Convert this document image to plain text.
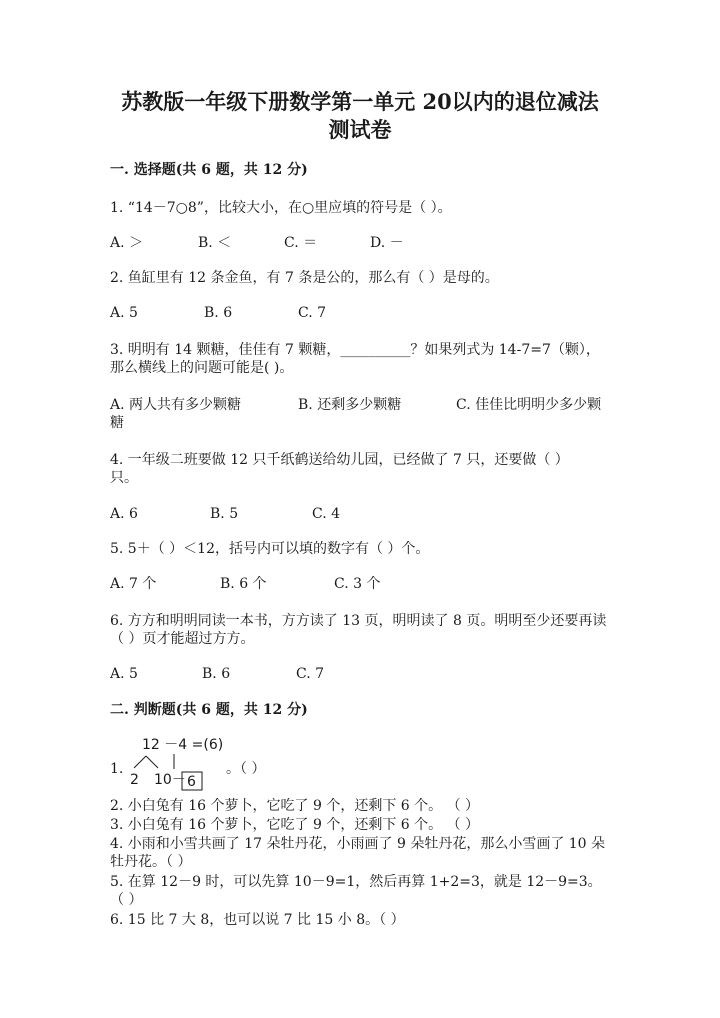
苏教版一年级下册数学第一单元 20以内的退位减法
测试卷
一. 选择题(共 6 题，共 12 分)
1. “14－7○8”，比较大小，在○里应填的符号是（ ）。
A. ＞	B. ＜	C. ＝	D. －
2. 鱼缸里有 12 条金鱼，有 7 条是公的，那么有（ ）是母的。
A. 5	B. 6	C. 7
3. 明明有 14 颗糖，佳佳有 7 颗糖，__________？如果列式为 14-7=7（颗），
那么横线上的问题可能是( )。
A. 两人共有多少颗糖	B. 还剩多少颗糖	C. 佳佳比明明少多少颗
糖
4. 一年级二班要做 12 只千纸鹤送给幼儿园，已经做了 7 只，还要做（ ）
只。
A. 6	B. 5	C. 4
5. 5＋（ ）＜12，括号内可以填的数字有（ ）个。
A. 7 个	B. 6 个	C. 3 个
6. 方方和明明同读一本书，方方读了 13 页，明明读了 8 页。明明至少还要再读
（ ）页才能超过方方。
A. 5	B. 6	C. 7
二. 判断题(共 6 题，共 12 分)
12 －4 =(6)
2 10－ 6
1.	。（ ）
2. 小白兔有 16 个萝卜，它吃了 9 个，还剩下 6 个。 （ ）
3. 小白兔有 16 个萝卜，它吃了 9 个，还剩下 6 个。 （ ）
4. 小雨和小雪共画了 17 朵牡丹花，小雨画了 9 朵牡丹花，那么小雪画了 10 朵
牡丹花。（ ）
5. 在算 12－9 时，可以先算 10－9=1，然后再算 1+2=3，就是 12－9=3。
（ ）
6. 15 比 7 大 8，也可以说 7 比 15 小 8。（ ）
